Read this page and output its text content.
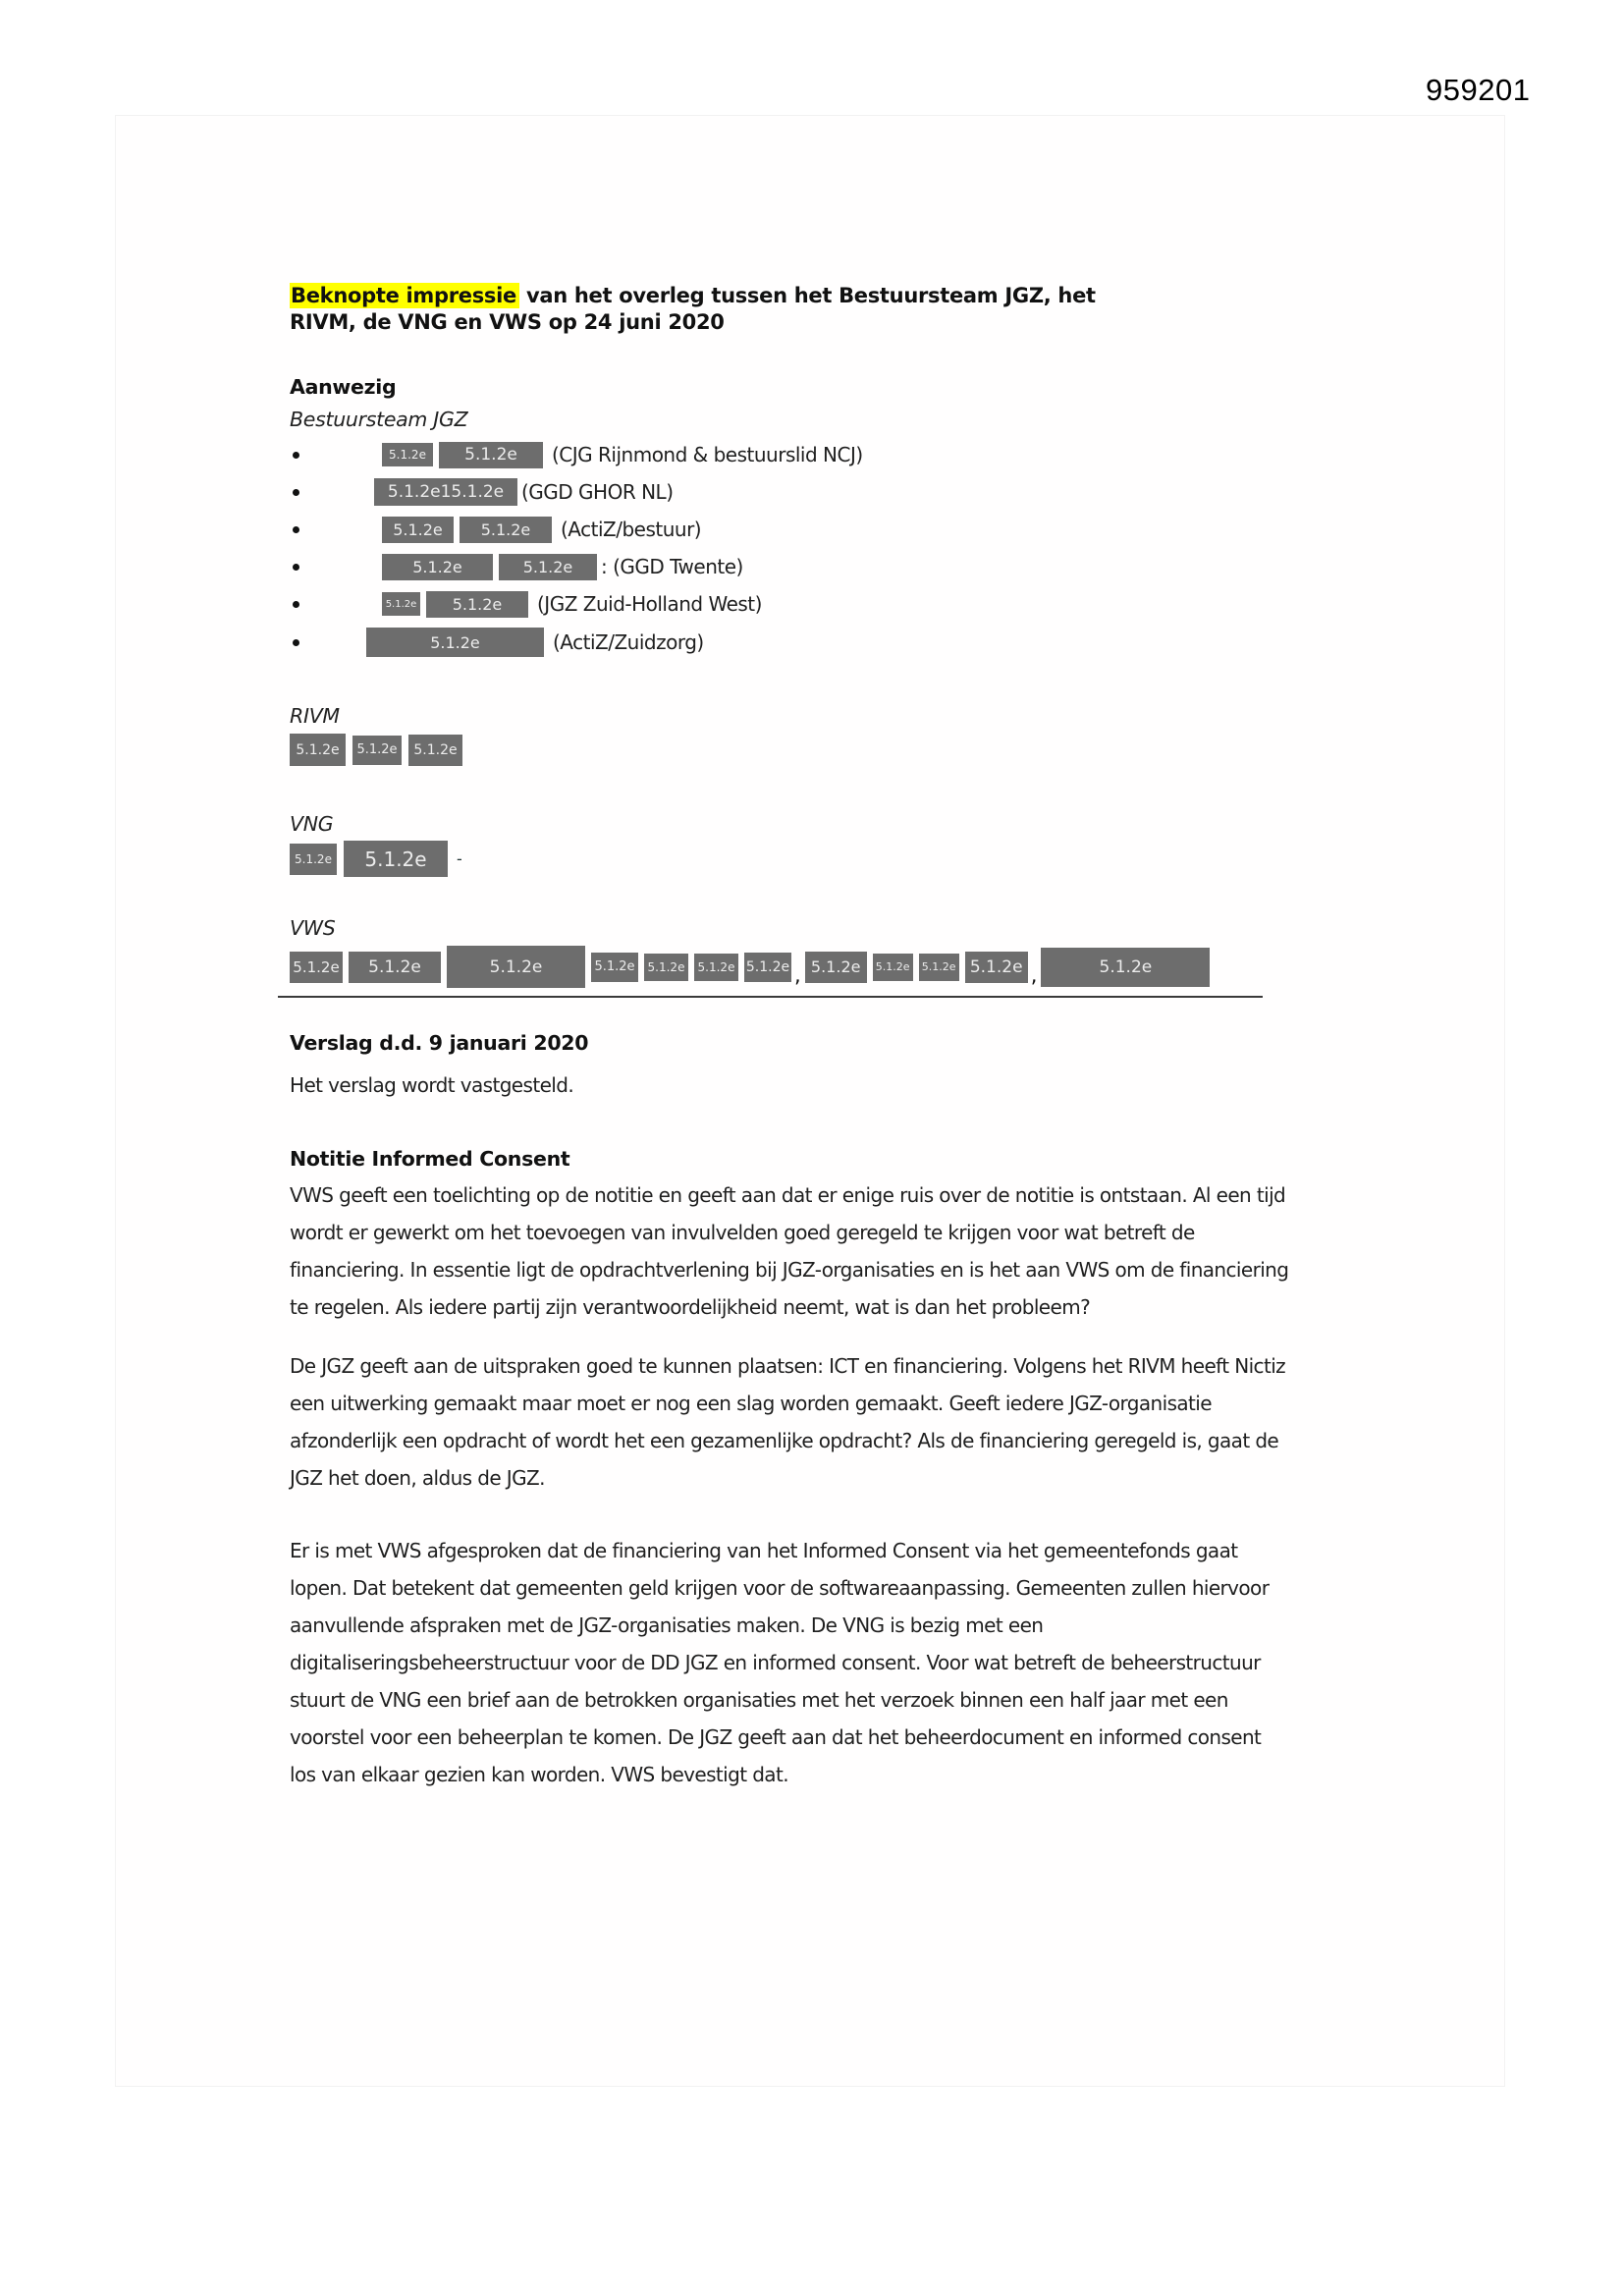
959201
Beknopte impressie van het overleg tussen het Bestuursteam JGZ, het
RIVM, de VNG en VWS op 24 juni 2020
Aanwezig
Bestuursteam JGZ
5.1.2e	5.1.2e	(CJG Rijnmond & bestuurslid NCJ)
5.1.2e15.1.2e (GGD GHOR NL)
5.1.2e	5.1.2e	(ActiZ/bestuur)
5.1.2e	5.1.2e	: (GGD Twente)
5.1.2e	5.1.2e	(JGZ Zuid-Holland West)
5.1.2e	(ActiZ/Zuidzorg)
RIVM
5.1.2e	5.1.2e	5.1.2e
VNG
5.1.2e	5.1.2e	-
VWS
5.1.2e	5.1.2e	5.1.2e	5.1.2e 5.1.2e 5.1.2e 5.1.2e , 5.1.2e	5.1.2e 5.1.2e 5.1.2e ,	5.1.2e
Verslag d.d. 9 januari 2020

Het verslag wordt vastgesteld.

Notitie Informed Consent

VWS geeft een toelichting op de notitie en geeft aan dat er enige ruis over de notitie is ontstaan. Al een tijd wordt er gewerkt om het toevoegen van invulvelden goed geregeld te krijgen voor wat betreft de financiering. In essentie ligt de opdrachtverlening bij JGZ-organisaties en is het aan VWS om de financiering te regelen. Als iedere partij zijn verantwoordelijkheid neemt, wat is dan het probleem?

De JGZ geeft aan de uitspraken goed te kunnen plaatsen: ICT en financiering. Volgens het RIVM heeft Nictiz een uitwerking gemaakt maar moet er nog een slag worden gemaakt. Geeft iedere JGZ-organisatie afzonderlijk een opdracht of wordt het een gezamenlijke opdracht? Als de financiering geregeld is, gaat de JGZ het doen, aldus de JGZ.

Er is met VWS afgesproken dat de financiering van het Informed Consent via het gemeentefonds gaat lopen. Dat betekent dat gemeenten geld krijgen voor de softwareaanpassing. Gemeenten zullen hiervoor aanvullende afspraken met de JGZ-organisaties maken. De VNG is bezig met een digitaliseringsbeheerstructuur voor de DD JGZ en informed consent. Voor wat betreft de beheerstructuur stuurt de VNG een brief aan de betrokken organisaties met het verzoek binnen een half jaar met een voorstel voor een beheerplan te komen. De JGZ geeft aan dat het beheerdocument en informed consent los van elkaar gezien kan worden. VWS bevestigt dat.
